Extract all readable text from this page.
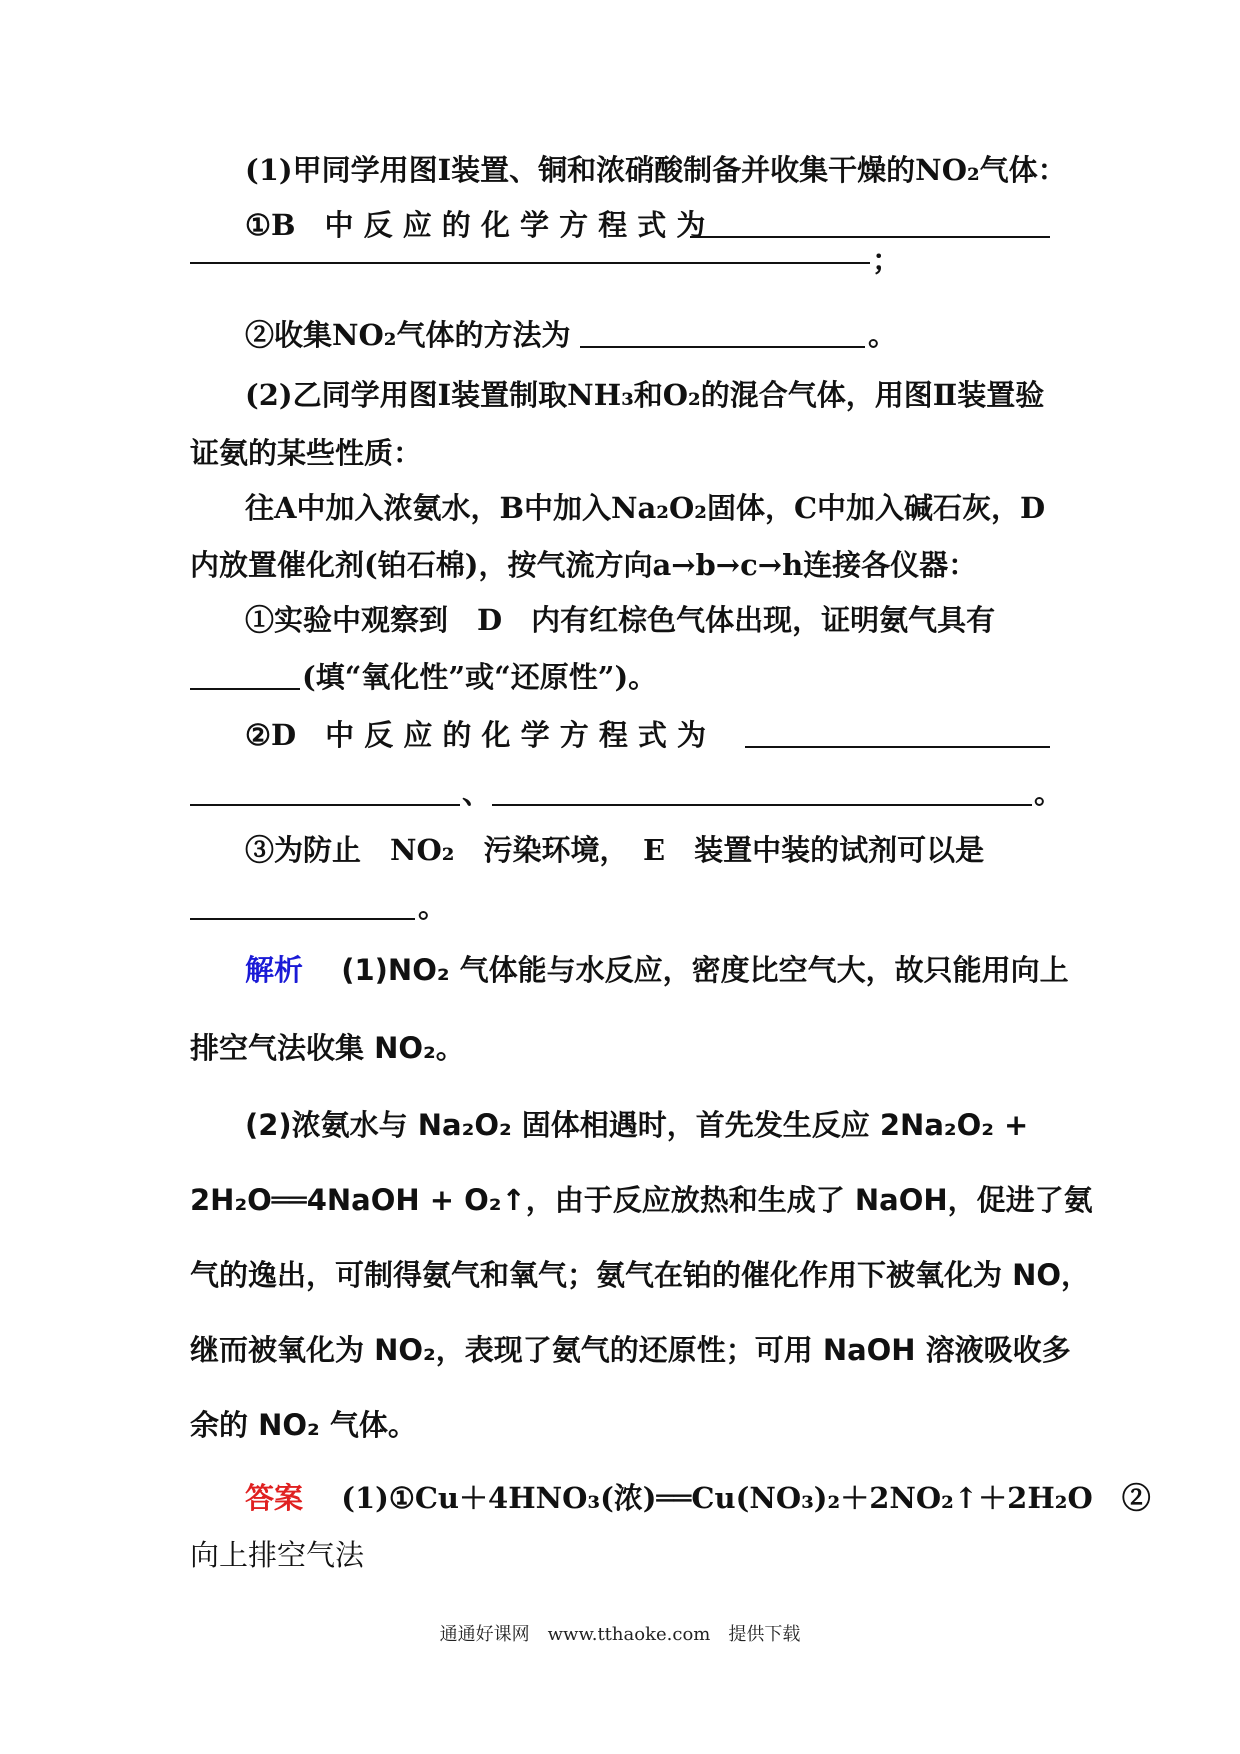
(1)甲同学用图Ⅰ装置、铜和浓硝酸制备并收集干燥的NO₂气体：
①B　中 反 应 的 化 学 方 程 式 为
；
②收集NO₂气体的方法为	。
(2)乙同学用图Ⅰ装置制取NH₃和O₂的混合气体，用图Ⅱ装置验
证氨的某些性质：
往A中加入浓氨水，B中加入Na₂O₂固体，C中加入碱石灰，D
内放置催化剂(铂石棉)，按气流方向a→b→c→h连接各仪器：
①实验中观察到　D　内有红棕色气体出现，证明氨气具有
(填“氧化性”或“还原性”)。
②D　中 反 应 的 化 学 方 程 式 为
、	。
③为防止　NO₂　污染环境，　E　装置中装的试剂可以是
。
解析 (1)NO₂ 气体能与水反应，密度比空气大，故只能用向上
排空气法收集 NO₂。
(2)浓氨水与 Na₂O₂ 固体相遇时，首先发生反应 2Na₂O₂ +
2H₂O══4NaOH + O₂↑，由于反应放热和生成了 NaOH，促进了氨
气的逸出，可制得氨气和氧气；氨气在铂的催化作用下被氧化为 NO，
继而被氧化为 NO₂，表现了氨气的还原性；可用 NaOH 溶液吸收多
余的 NO₂ 气体。
答案 (1)①Cu＋4HNO₃(浓)══Cu(NO₃)₂＋2NO₂↑＋2H₂O　②
向上排空气法
通通好课网　www.tthaoke.com　提供下载
